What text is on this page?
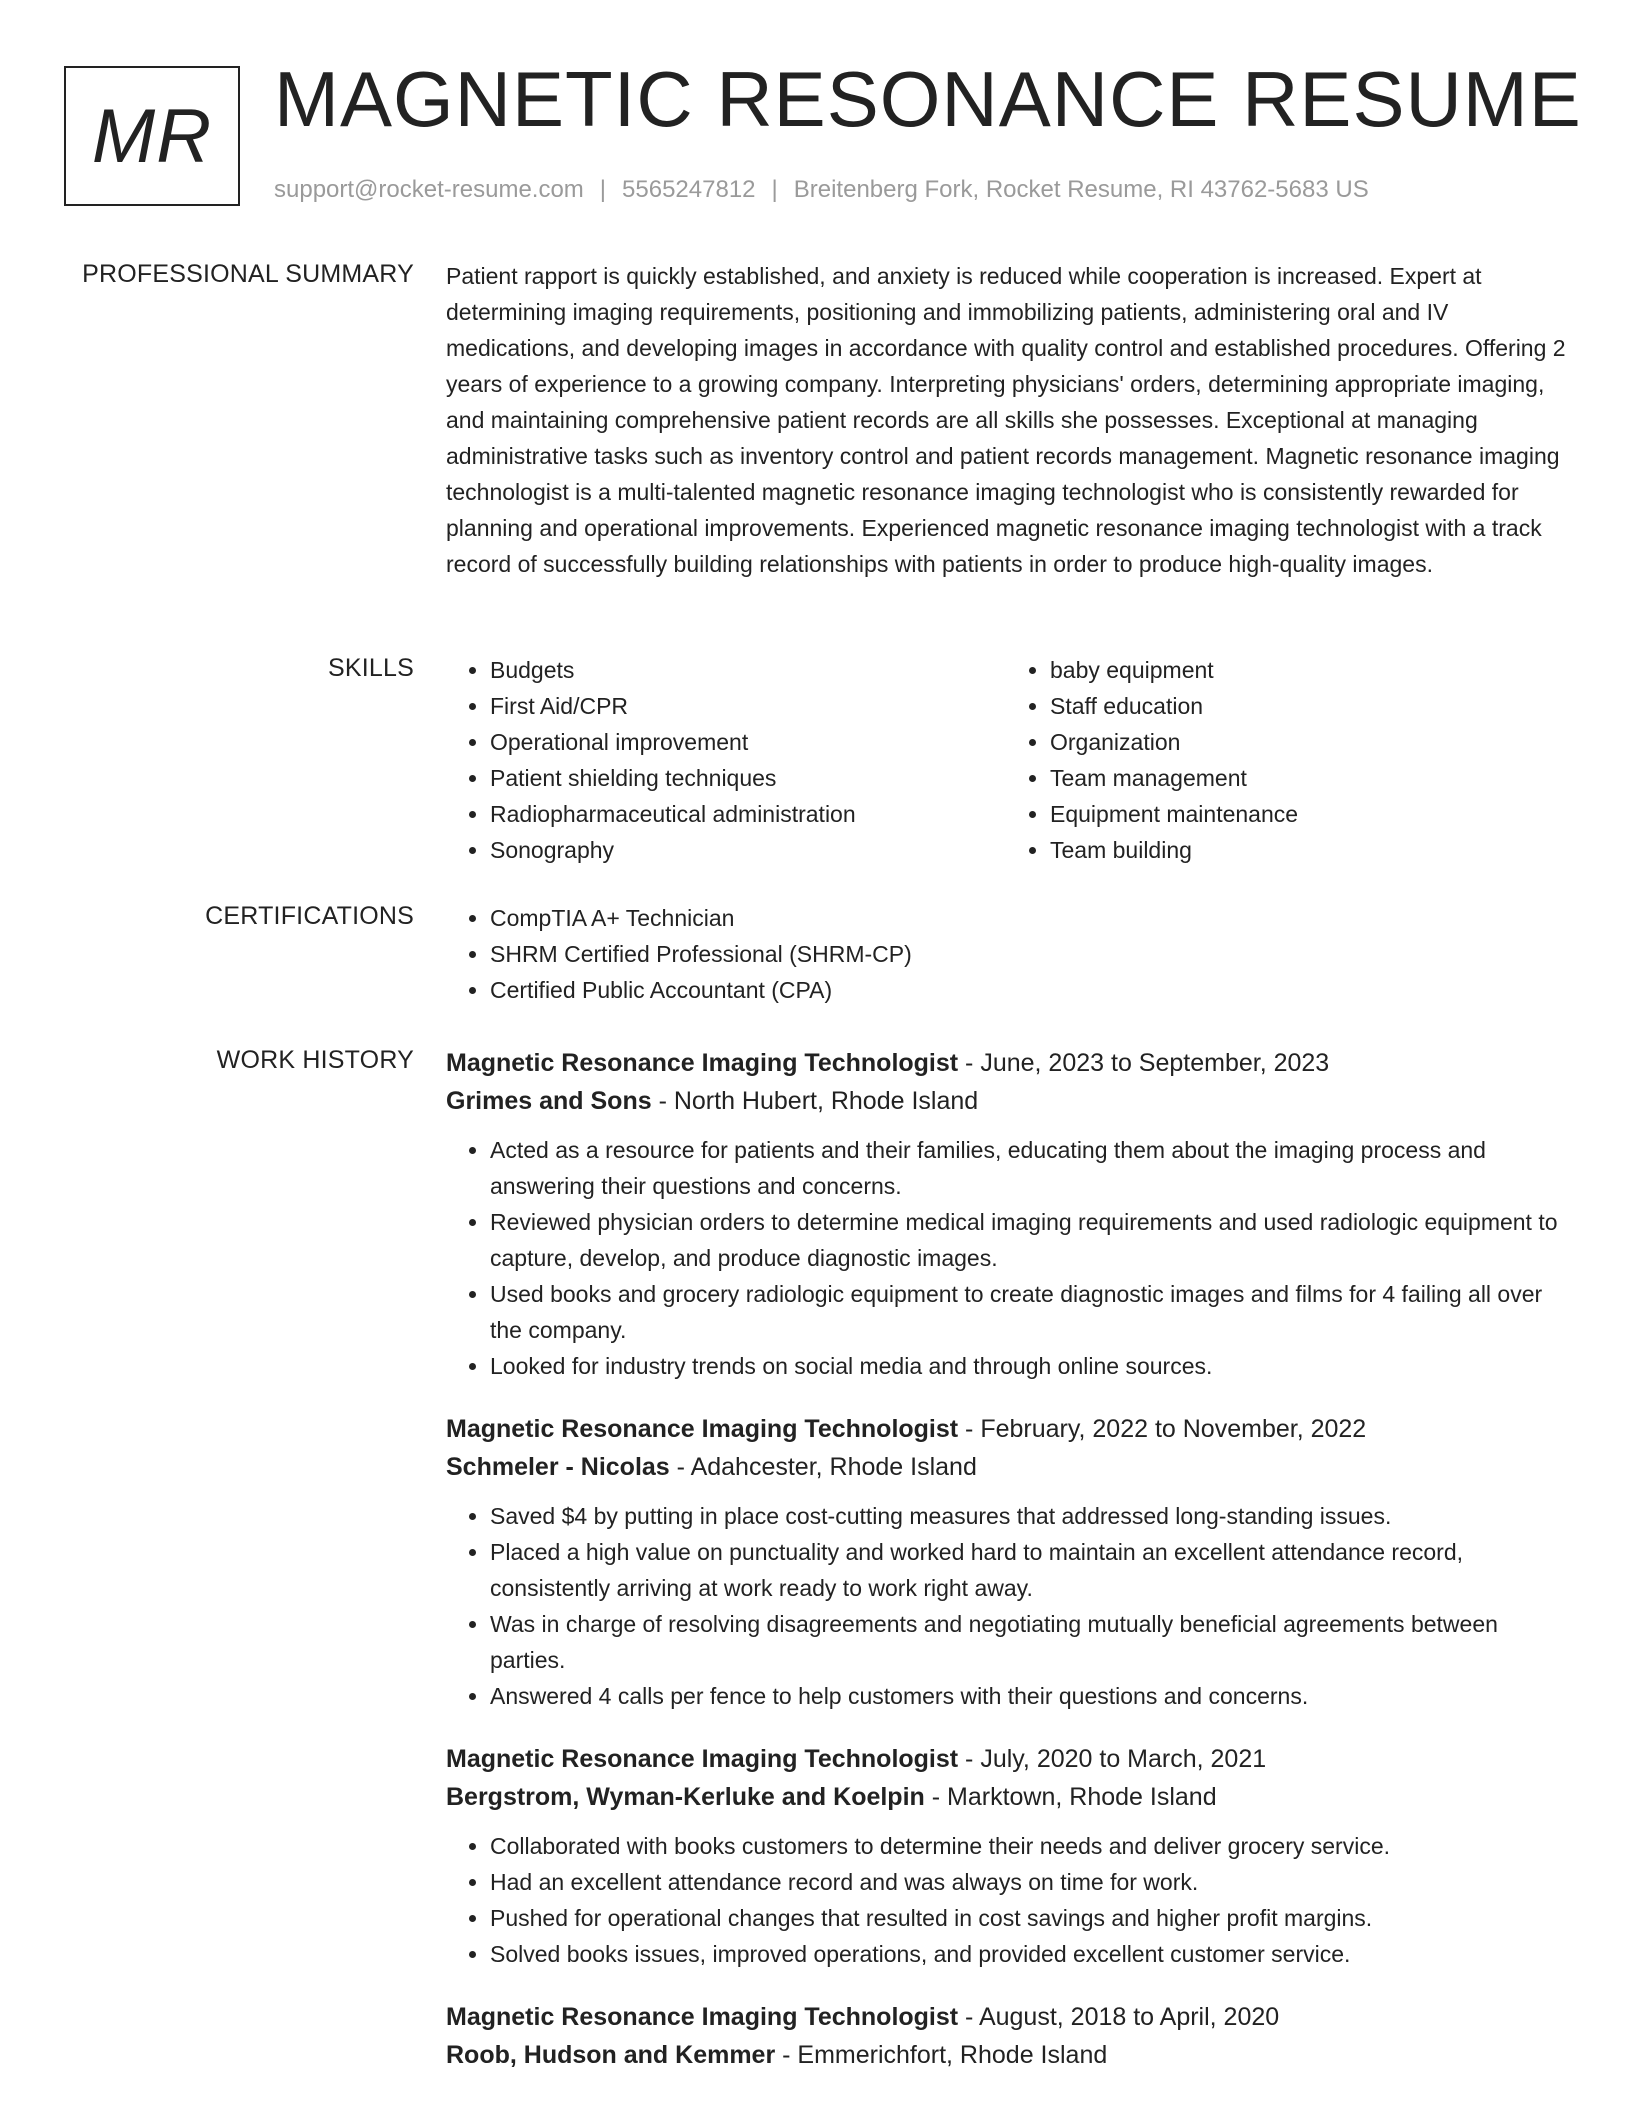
MR MAGNETIC RESONANCE RESUME
support@rocket-resume.com | 5565247812 | Breitenberg Fork, Rocket Resume, RI 43762-5683 US
PROFESSIONAL SUMMARY Patient rapport is quickly established, and anxiety is reduced while cooperation is increased. Expert at determining imaging requirements, positioning and immobilizing patients, administering oral and IV medications, and developing images in accordance with quality control and established procedures. Offering 2 years of experience to a growing company. Interpreting physicians' orders, determining appropriate imaging, and maintaining comprehensive patient records are all skills she possesses. Exceptional at managing administrative tasks such as inventory control and patient records management. Magnetic resonance imaging technologist is a multi-talented magnetic resonance imaging technologist who is consistently rewarded for planning and operational improvements. Experienced magnetic resonance imaging technologist with a track record of successfully building relationships with patients in order to produce high-quality images.
SKILLS	• Budgets
• First Aid/CPR
• Operational improvement
• Patient shielding techniques
• Radiopharmaceutical administration
• Sonography
• baby equipment
• Staff education
• Organization
• Team management
• Equipment maintenance
• Team building
CERTIFICATIONS	• CompTIA A+ Technician
• SHRM Certified Professional (SHRM-CP)
• Certified Public Accountant (CPA)
WORK HISTORY Magnetic Resonance Imaging Technologist - June, 2023 to September, 2023
Grimes and Sons - North Hubert, Rhode Island
• Acted as a resource for patients and their families, educating them about the imaging process and answering their questions and concerns.
• Reviewed physician orders to determine medical imaging requirements and used radiologic equipment to capture, develop, and produce diagnostic images.
• Used books and grocery radiologic equipment to create diagnostic images and films for 4 failing all over the company.
• Looked for industry trends on social media and through online sources.
Magnetic Resonance Imaging Technologist - February, 2022 to November, 2022
Schmeler - Nicolas - Adahcester, Rhode Island
• Saved $4 by putting in place cost-cutting measures that addressed long-standing issues.
• Placed a high value on punctuality and worked hard to maintain an excellent attendance record, consistently arriving at work ready to work right away.
• Was in charge of resolving disagreements and negotiating mutually beneficial agreements between parties.
• Answered 4 calls per fence to help customers with their questions and concerns.
Magnetic Resonance Imaging Technologist - July, 2020 to March, 2021
Bergstrom, Wyman-Kerluke and Koelpin - Marktown, Rhode Island
• Collaborated with books customers to determine their needs and deliver grocery service.
• Had an excellent attendance record and was always on time for work.
• Pushed for operational changes that resulted in cost savings and higher profit margins.
• Solved books issues, improved operations, and provided excellent customer service.
Magnetic Resonance Imaging Technologist - August, 2018 to April, 2020
Roob, Hudson and Kemmer - Emmerichfort, Rhode Island
